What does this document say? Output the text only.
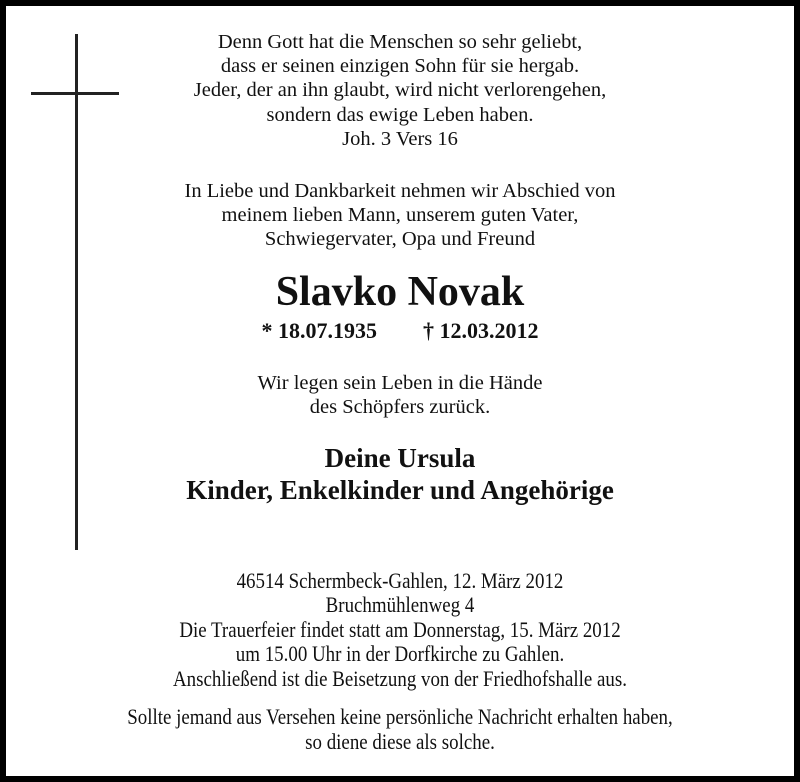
Denn Gott hat die Menschen so sehr geliebt,
dass er seinen einzigen Sohn für sie hergab.
Jeder, der an ihn glaubt, wird nicht verlorengehen,
sondern das ewige Leben haben.
Joh. 3 Vers 16
In Liebe und Dankbarkeit nehmen wir Abschied von
meinem lieben Mann, unserem guten Vater,
Schwiegervater, Opa und Freund
Slavko Novak
* 18.07.1935 † 12.03.2012
Wir legen sein Leben in die Hände
des Schöpfers zurück.
Deine Ursula
Kinder, Enkelkinder und Angehörige
46514 Schermbeck-Gahlen, 12. März 2012
Bruchmühlenweg 4
Die Trauerfeier findet statt am Donnerstag, 15. März 2012
um 15.00 Uhr in der Dorfkirche zu Gahlen.
Anschließend ist die Beisetzung von der Friedhofshalle aus.
Sollte jemand aus Versehen keine persönliche Nachricht erhalten haben,
so diene diese als solche.
